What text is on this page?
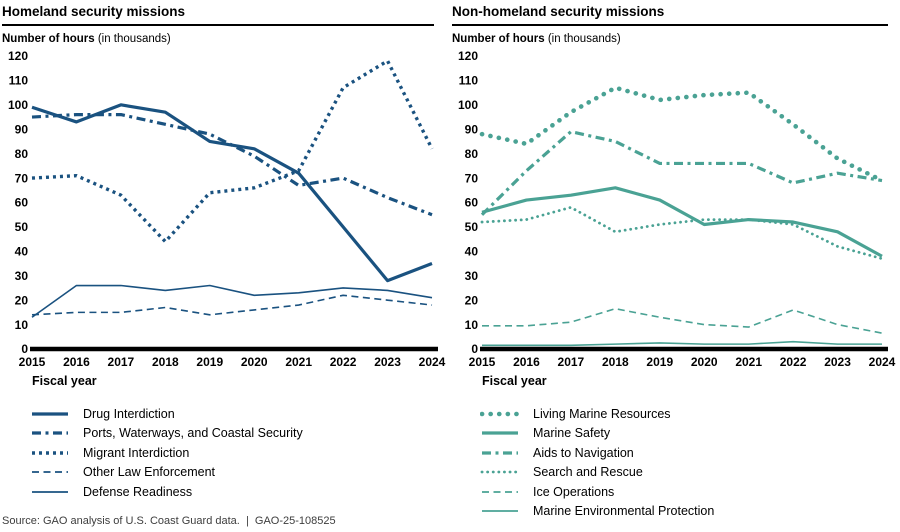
Homeland security missions
Number of hours (in thousands)
Fiscal year
0
10
20
30
40
50
60
70
80
90
100
110
120
2015 2016 2017 2018 2019 2020 2021 2022 2023 2024
Drug Interdiction
Ports, Waterways, and Coastal Security
Migrant Interdiction
Other Law Enforcement
Defense Readiness
Non-homeland security missions
Number of hours (in thousands)
Fiscal year
0
10
20
30
40
50
60
70
80
90
100
110
120
2015 2016 2017 2018 2019 2020 2021 2022 2023 2024
Living Marine Resources
Marine Safety
Aids to Navigation
Search and Rescue
Ice Operations
Marine Environmental Protection
Source: GAO analysis of U.S. Coast Guard data.  |  GAO-25-108525
